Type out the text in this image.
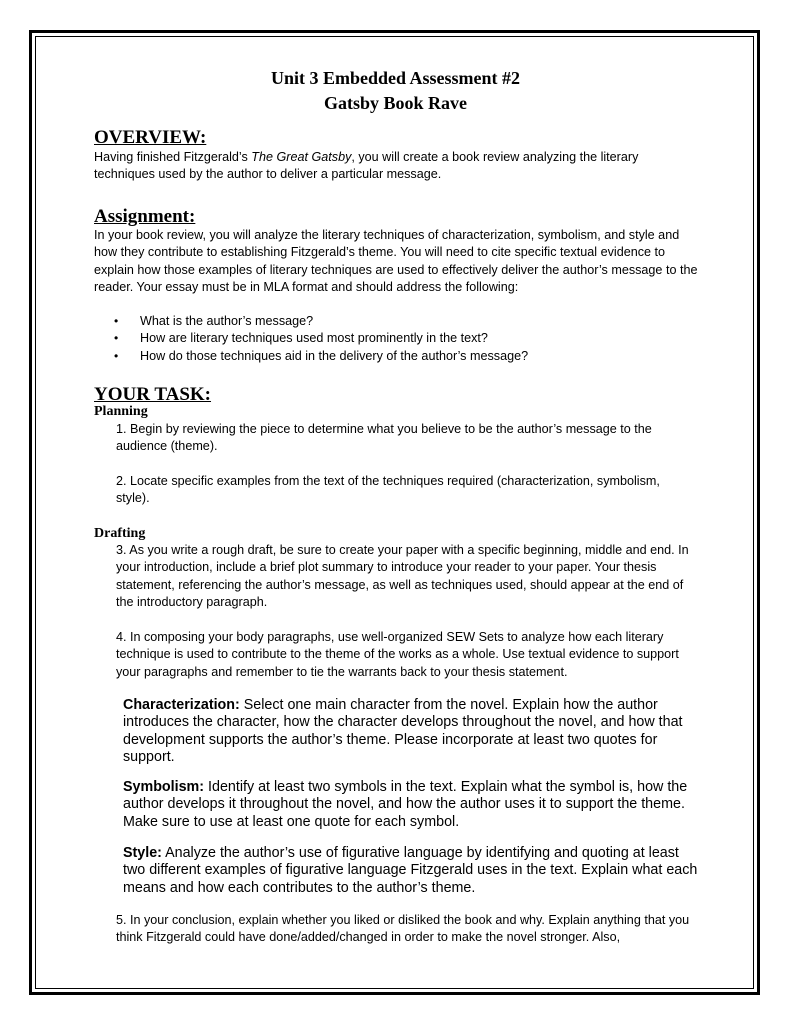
Unit 3 Embedded Assessment #2
Gatsby Book Rave
OVERVIEW:

Having finished Fitzgerald’s The Great Gatsby, you will create a book review analyzing the literary techniques used by the author to deliver a particular message.

Assignment:

In your book review, you will analyze the literary techniques of characterization, symbolism, and style and how they contribute to establishing Fitzgerald’s theme. You will need to cite specific textual evidence to explain how those examples of literary techniques are used to effectively deliver the author’s message to the reader. Your essay must be in MLA format and should address the following:

• What is the author’s message?
• How are literary techniques used most prominently in the text?
• How do those techniques aid in the delivery of the author’s message?
YOUR TASK:
Planning

1. Begin by reviewing the piece to determine what you believe to be the author’s message to the audience (theme).

2. Locate specific examples from the text of the techniques required (characterization, symbolism, style).

Drafting

3. As you write a rough draft, be sure to create your paper with a specific beginning, middle and end. In your introduction, include a brief plot summary to introduce your reader to your paper. Your thesis statement, referencing the author’s message, as well as techniques used, should appear at the end of the introductory paragraph.

4. In composing your body paragraphs, use well-organized SEW Sets to analyze how each literary technique is used to contribute to the theme of the works as a whole. Use textual evidence to support your paragraphs and remember to tie the warrants back to your thesis statement.

Characterization: Select one main character from the novel. Explain how the author introduces the character, how the character develops throughout the novel, and how that development supports the author’s theme. Please incorporate at least two quotes for support.

Symbolism: Identify at least two symbols in the text. Explain what the symbol is, how the author develops it throughout the novel, and how the author uses it to support the theme. Make sure to use at least one quote for each symbol.

Style: Analyze the author’s use of figurative language by identifying and quoting at least two different examples of figurative language Fitzgerald uses in the text. Explain what each means and how each contributes to the author’s theme.

5. In your conclusion, explain whether you liked or disliked the book and why. Explain anything that you think Fitzgerald could have done/added/changed in order to make the novel stronger. Also,
